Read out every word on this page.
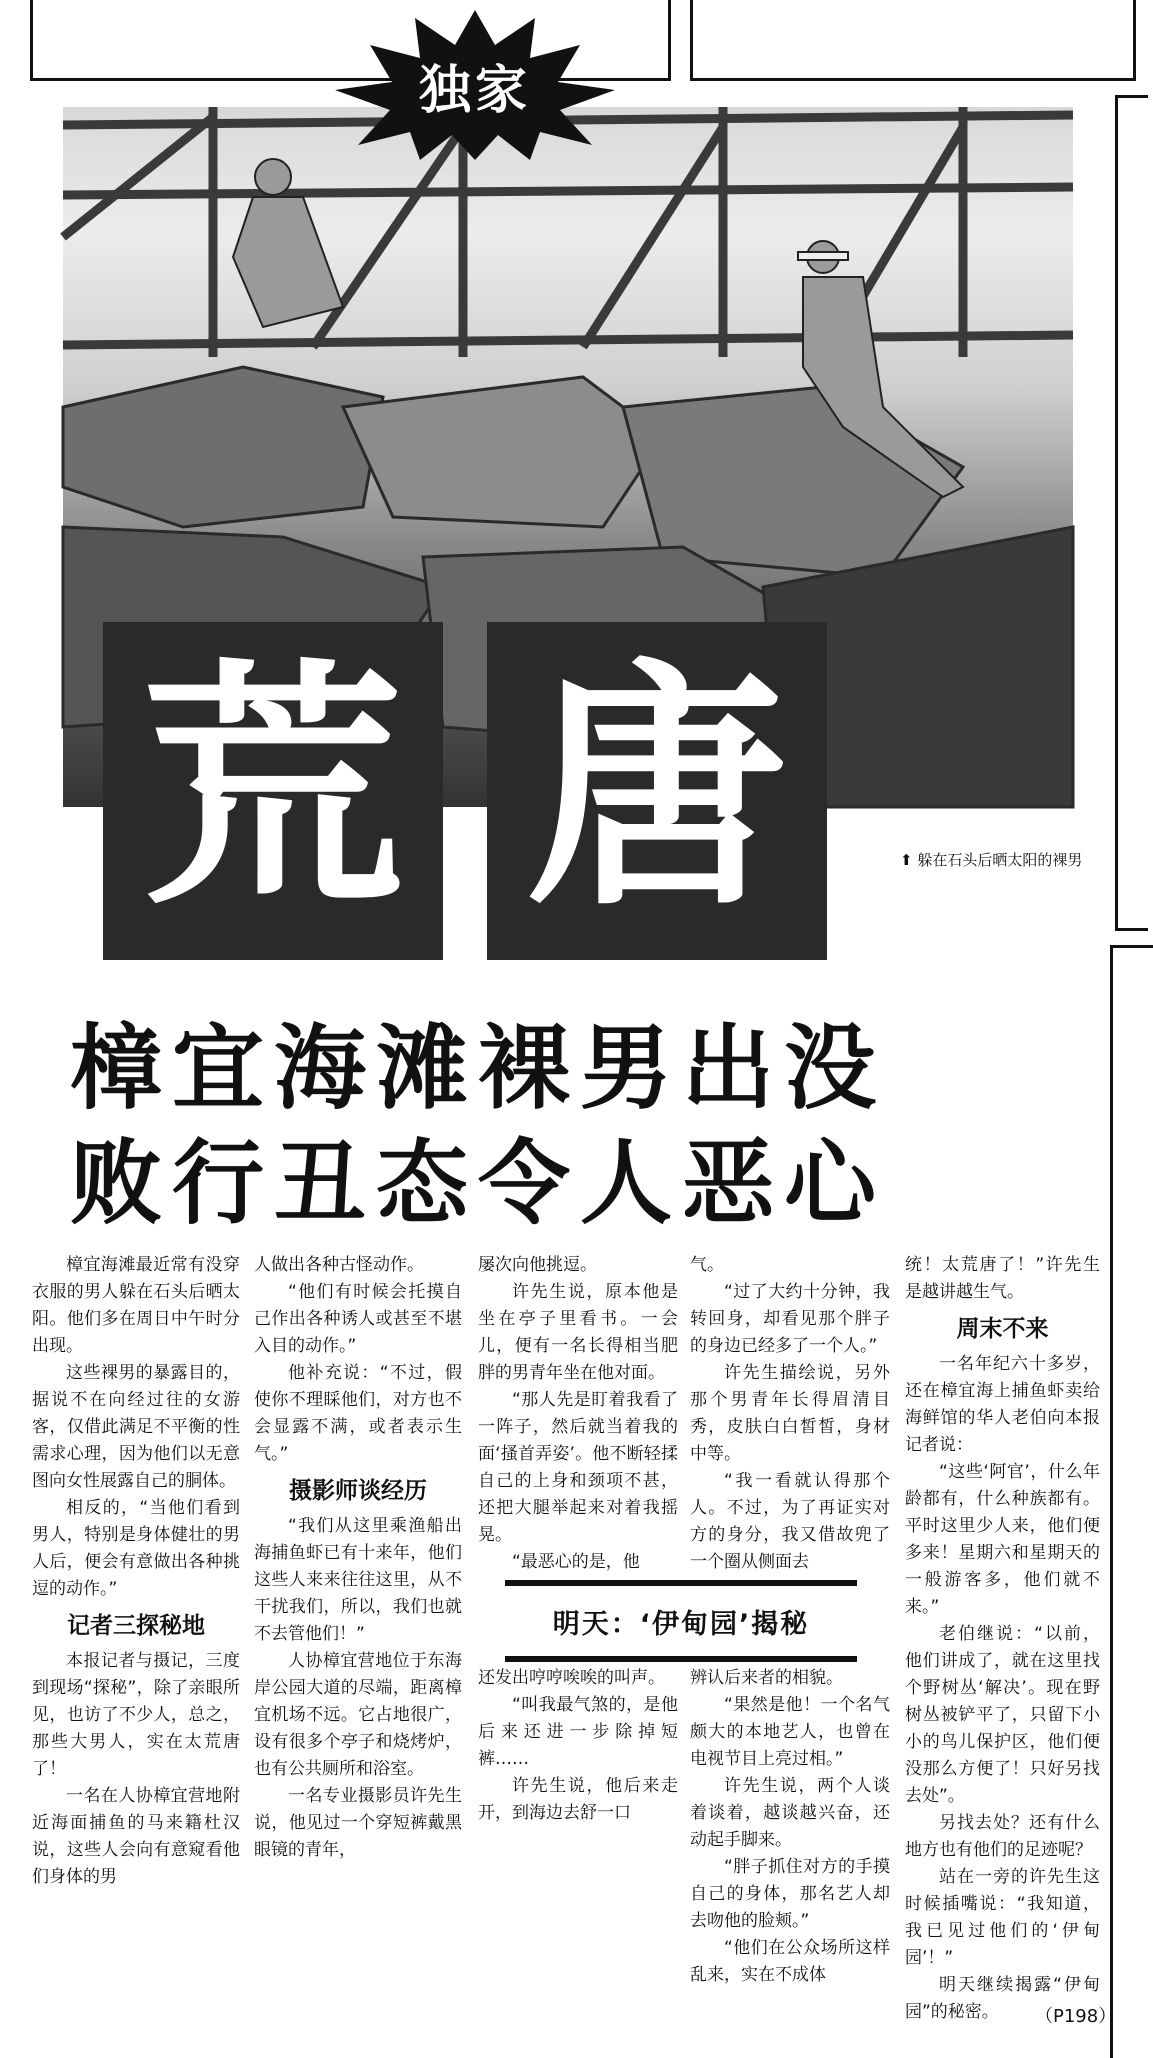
独家
荒 唐	⬆ 躲在石头后晒太阳的裸男
樟宜海滩裸男出没
败行丑态令人恶心

樟宜海滩最近常有没穿衣服的男人躲在石头后晒太阳。他们多在周日中午时分出现。

这些裸男的暴露目的，据说不在向经过往的女游客，仅借此满足不平衡的性需求心理，因为他们以无意图向女性展露自己的胴体。

相反的，“当他们看到男人，特别是身体健壮的男人后，便会有意做出各种挑逗的动作。”

记者三探秘地

本报记者与摄记，三度到现场“探秘”，除了亲眼所见，也访了不少人，总之，那些大男人，实在太荒唐了！

一名在人协樟宜营地附近海面捕鱼的马来籍杜汉说，这些人会向有意窥看他们身体的男

人做出各种古怪动作。

“他们有时候会托摸自己作出各种诱人或甚至不堪入目的动作。”

他补充说：“不过，假使你不理睬他们，对方也不会显露不满，或者表示生气。”

摄影师谈经历

“我们从这里乘渔船出海捕鱼虾已有十来年，他们这些人来来往往这里，从不干扰我们，所以，我们也就不去管他们！”

人协樟宜营地位于东海岸公园大道的尽端，距离樟宜机场不远。它占地很广，设有很多个亭子和烧烤炉，也有公共厕所和浴室。

一名专业摄影员许先生说，他见过一个穿短裤戴黑眼镜的青年，

屡次向他挑逗。

许先生说，原本他是坐在亭子里看书。一会儿，便有一名长得相当肥胖的男青年坐在他对面。

“那人先是盯着我看了一阵子，然后就当着我的面‘搔首弄姿’。他不断轻揉自己的上身和颈项不甚，还把大腿举起来对着我摇晃。

“最恶心的是，他

气。

“过了大约十分钟，我转回身，却看见那个胖子的身边已经多了一个人。”

许先生描绘说，另外那个男青年长得眉清目秀，皮肤白白皙皙，身材中等。

“我一看就认得那个人。不过，为了再证实对方的身分，我又借故兜了一个圈从侧面去

明天：‘伊甸园’揭秘

还发出哼哼唉唉的叫声。

“叫我最气煞的，是他后来还进一步除掉短裤……

许先生说，他后来走开，到海边去舒一口

辨认后来者的相貌。

“果然是他！一个名气颇大的本地艺人，也曾在电视节目上亮过相。”

许先生说，两个人谈着谈着，越谈越兴奋，还动起手脚来。

“胖子抓住对方的手摸自己的身体，那名艺人却去吻他的脸颊。”

“他们在公众场所这样乱来，实在不成体

统！太荒唐了！”许先生是越讲越生气。

周末不来

一名年纪六十多岁，还在樟宜海上捕鱼虾卖给海鲜馆的华人老伯向本报记者说：

“这些‘阿官’，什么年龄都有，什么种族都有。平时这里少人来，他们便多来！星期六和星期天的一般游客多，他们就不来。”

老伯继说：“以前，他们讲成了，就在这里找个野树丛‘解决’。现在野树丛被铲平了，只留下小小的鸟儿保护区，他们便没那么方便了！只好另找去处”。

另找去处？还有什么地方也有他们的足迹呢？

站在一旁的许先生这时候插嘴说：“我知道，我已见过他们的‘伊甸园’！”

明天继续揭露“伊甸园”的秘密。	（P198）
